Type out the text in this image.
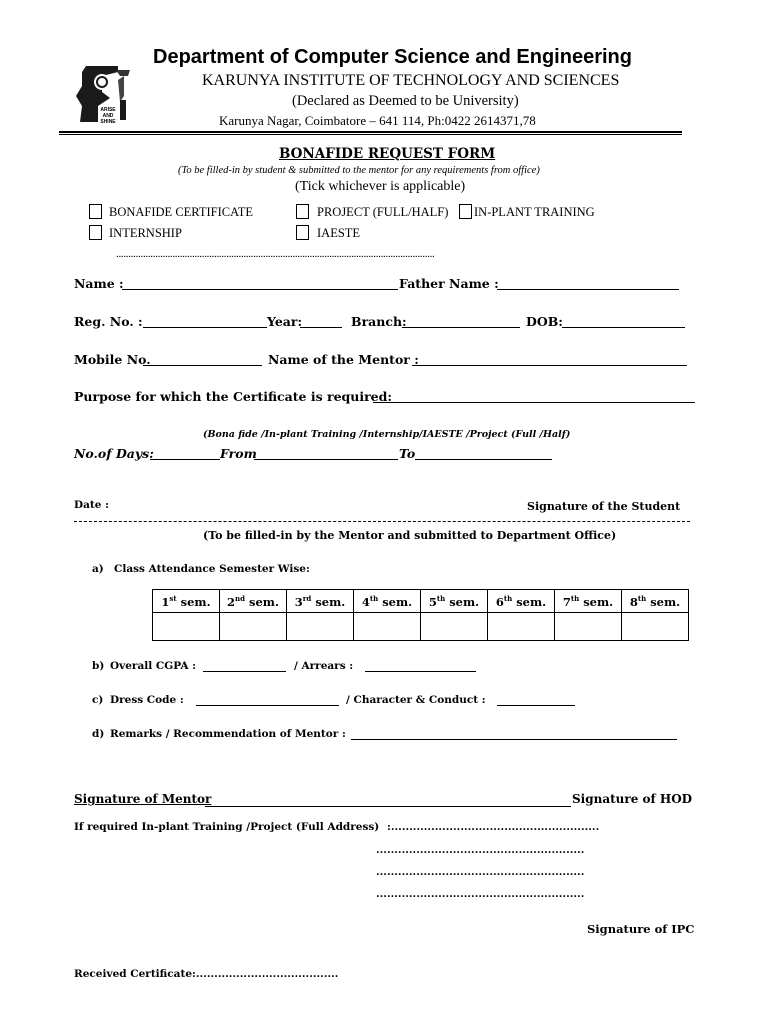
ARISE
AND
SHINE
Department of Computer Science and Engineering
KARUNYA INSTITUTE OF TECHNOLOGY AND SCIENCES
(Declared as Deemed to be University)
Karunya Nagar, Coimbatore – 641 114, Ph:0422 2614371,78
BONAFIDE REQUEST FORM
(To be filled-in by student & submitted to the mentor for any requirements from office)
(Tick whichever is applicable)
BONAFIDE CERTIFICATE	PROJECT (FULL/HALF) IN-PLANT TRAINING
INTERNSHIP	IAESTE
..................................................................................................................................
Name :	Father Name :
Reg. No. :	Year:	Branch:	DOB:
Mobile No.	Name of the Mentor :
Purpose for which the Certificate is required:
(Bona fide /In-plant Training /Internship/IAESTE /Project (Full /Half)
No.of Days:	From	To
Date :	Signature of the Student
(To be filled-in by the Mentor and submitted to Department Office)
a) Class Attendance Semester Wise:
1st sem.	2nd sem.	3rd sem.	4th sem.	5th sem.	6th sem.	7th sem.	8th sem.

b) Overall CGPA :	/ Arrears :
c) Dress Code :	/ Character & Conduct :
d) Remarks / Recommendation of Mentor :
Signature of Mentor	Signature of HOD
If required In-plant Training /Project (Full Address) :.........................................................
.........................................................
.........................................................
.........................................................
Signature of IPC
Received Certificate:.......................................
